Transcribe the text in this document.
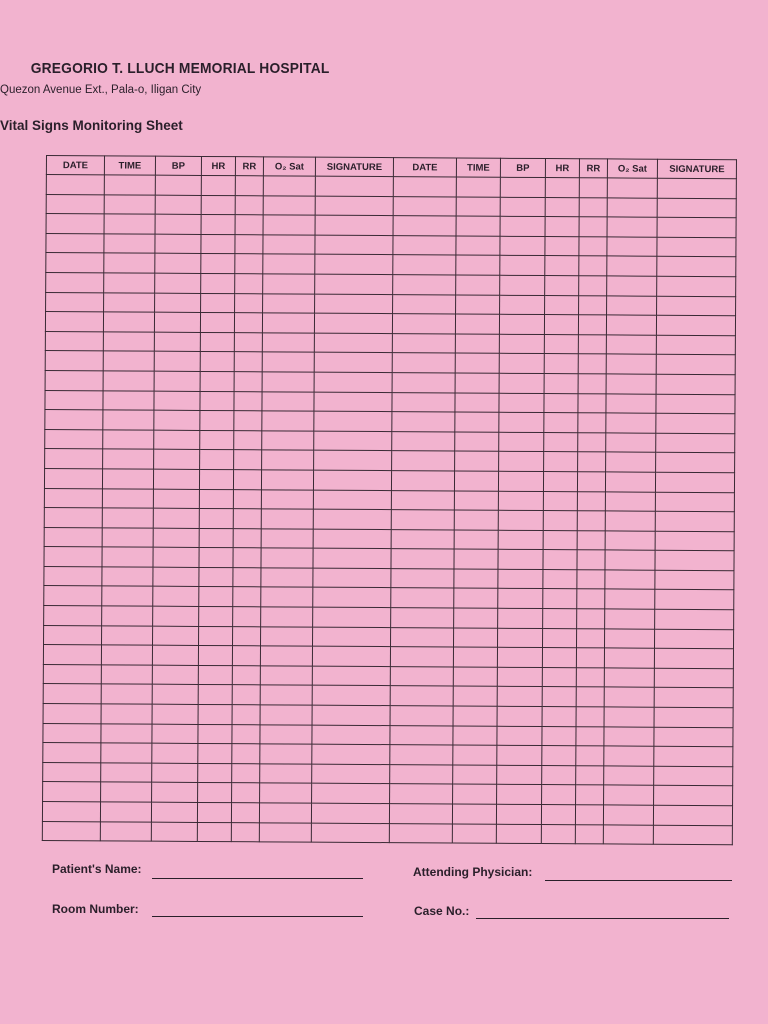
GREGORIO T. LLUCH MEMORIAL HOSPITAL
Quezon Avenue Ext., Pala-o, Iligan City
Vital Signs Monitoring Sheet
DATE	TIME	BP	HR	RR	O₂ Sat	SIGNATURE	DATE	TIME	BP	HR	RR	O₂ Sat	SIGNATURE

Patient's Name:	Attending Physician:
Room Number:	Case No.:
